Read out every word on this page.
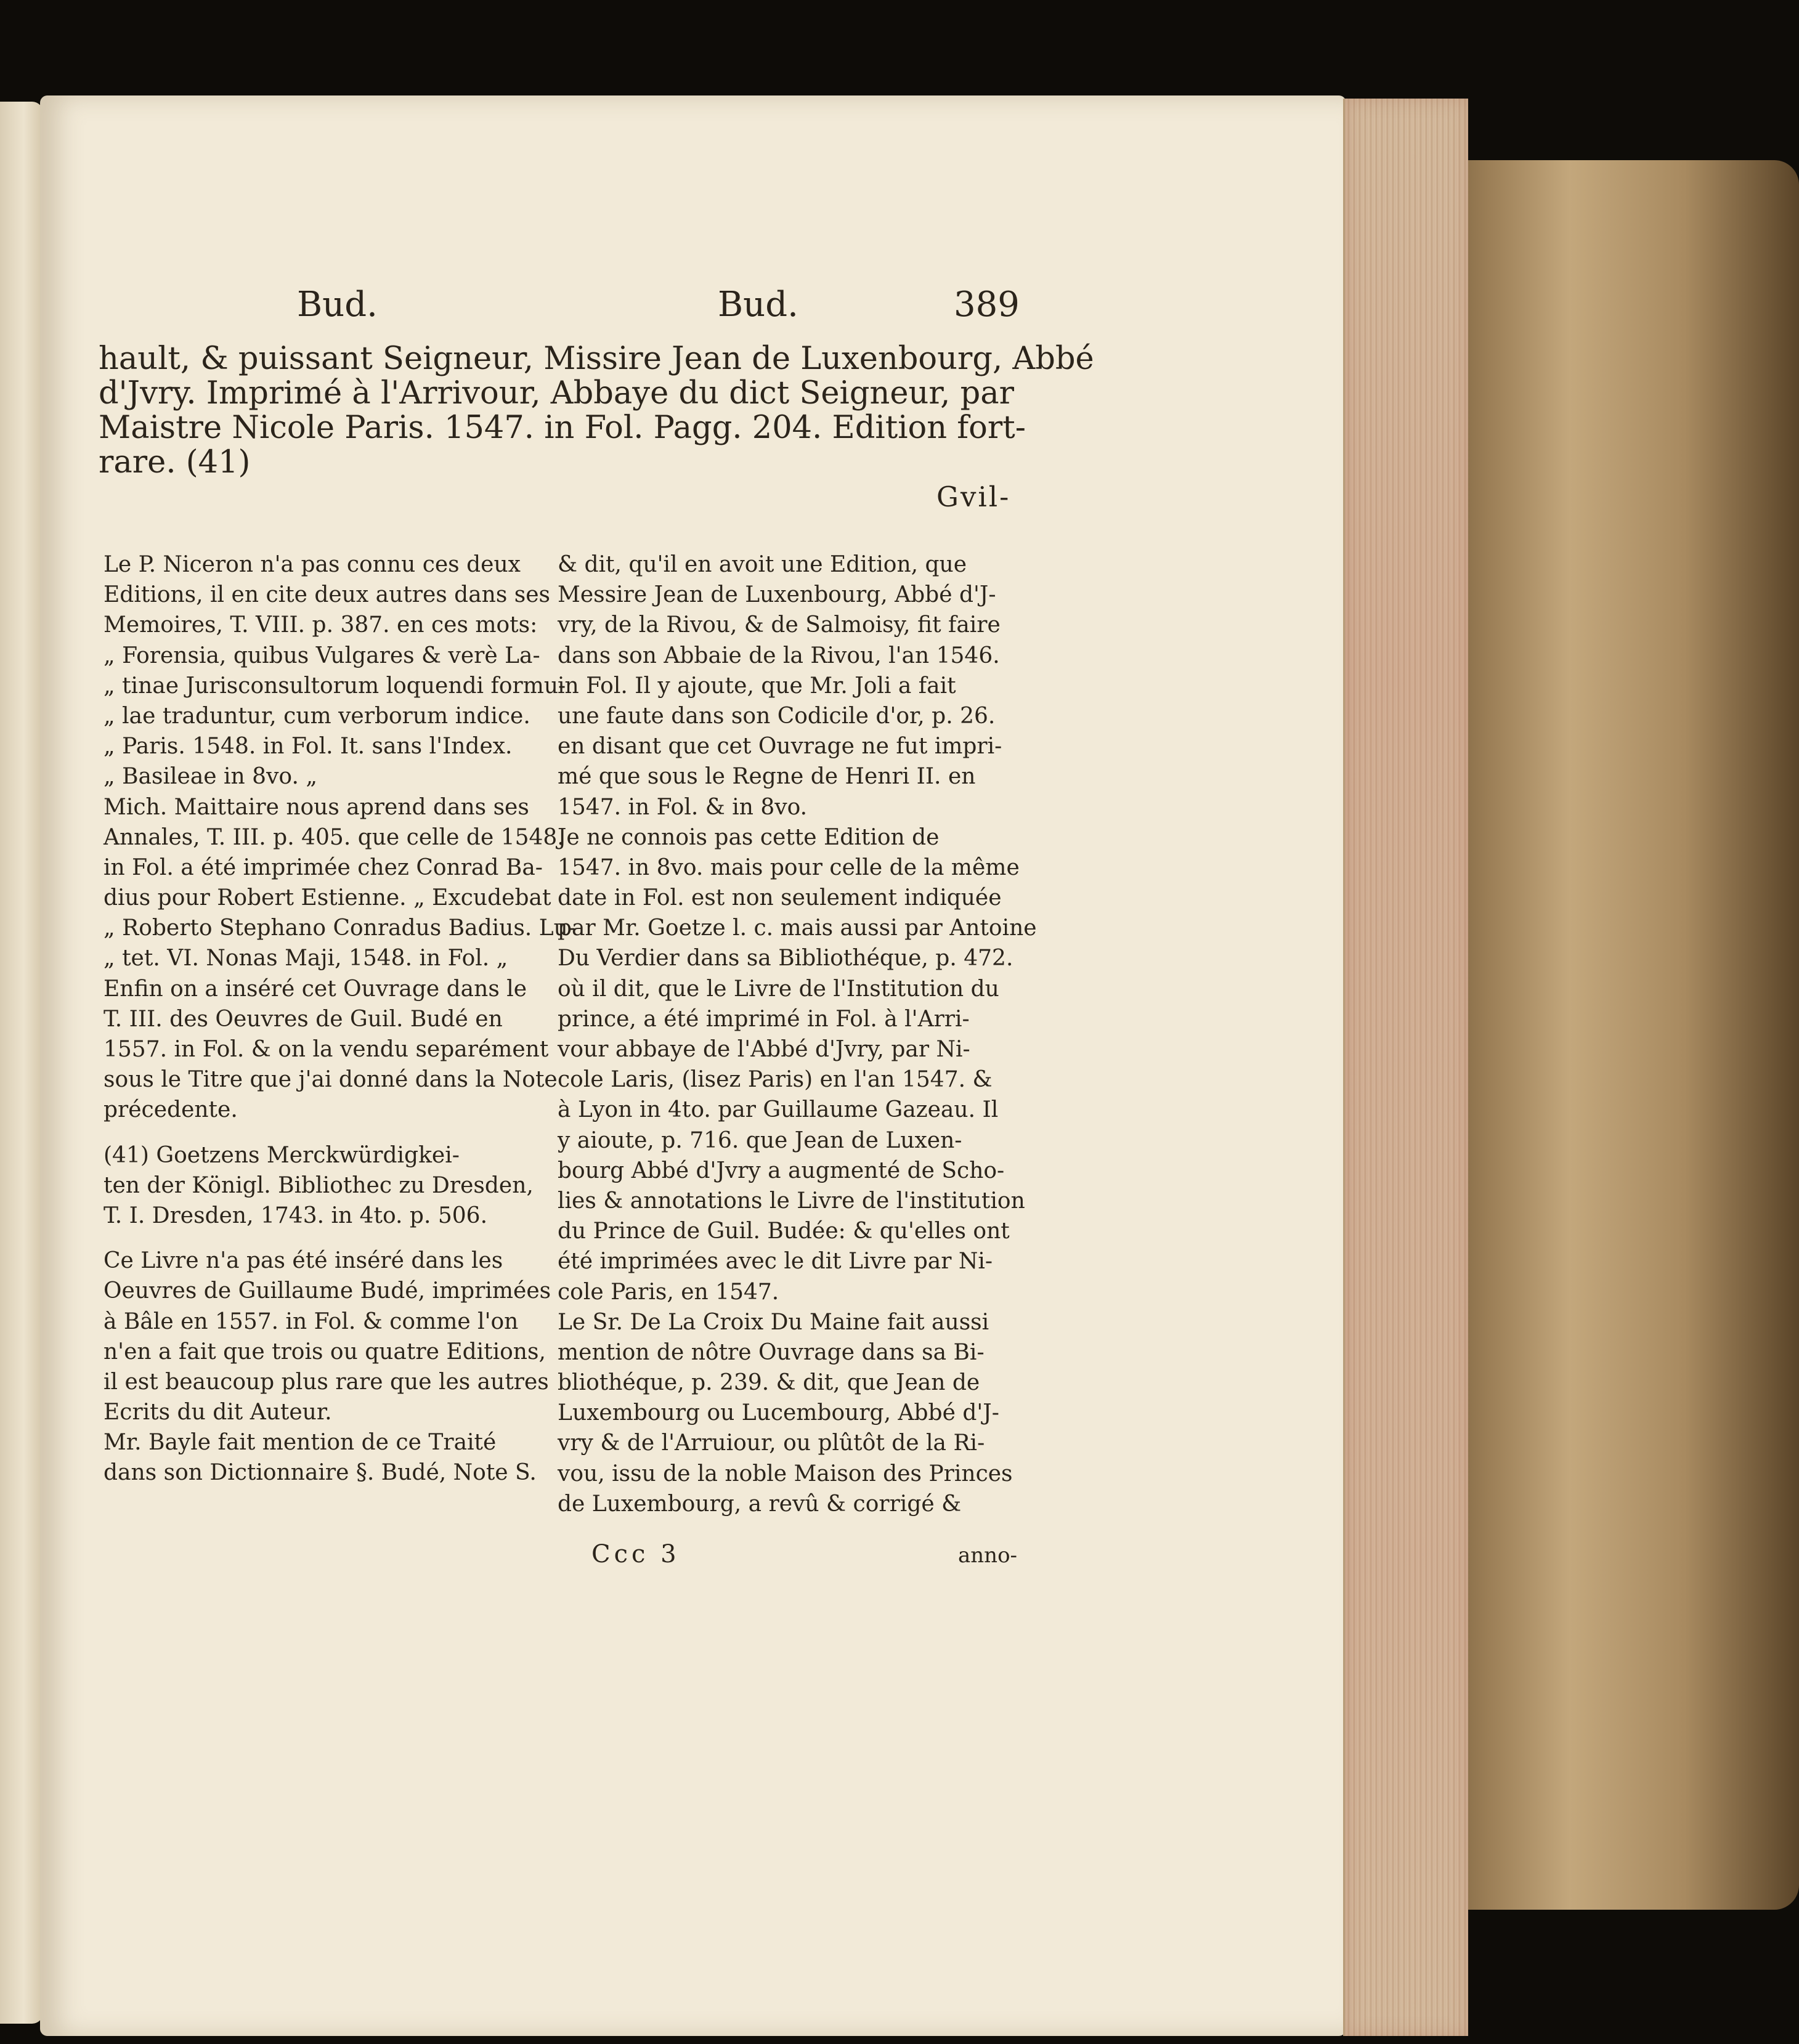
Bud.	Bud.	389
hault, & puissant Seigneur, Missire Jean de Luxenbourg, Abbé
d'Jvry. Imprimé à l'Arrivour, Abbaye du dict Seigneur, par
Maistre Nicole Paris. 1547. in Fol. Pagg. 204. Edition fort-
rare. (41)
Gvil-
Le P. Niceron n'a pas connu ces deux
Editions, il en cite deux autres dans ses
Memoires, T. VIII. p. 387. en ces mots:
„ Forensia, quibus Vulgares & verè La-
„ tinae Jurisconsultorum loquendi formu-
„ lae traduntur, cum verborum indice.
„ Paris. 1548. in Fol. It. sans l'Index.
„ Basileae in 8vo. „
Mich. Maittaire nous aprend dans ses
Annales, T. III. p. 405. que celle de 1548.
in Fol. a été imprimée chez Conrad Ba-
dius pour Robert Estienne. „ Excudebat
„ Roberto Stephano Conradus Badius. Lu-
„ tet. VI. Nonas Maji, 1548. in Fol. „
Enfin on a inséré cet Ouvrage dans le
T. III. des Oeuvres de Guil. Budé en
1557. in Fol. & on la vendu separément
sous le Titre que j'ai donné dans la Note
précedente.
(41) Goetzens Merckwürdigkei-
ten der Königl. Bibliothec zu Dresden,
T. I. Dresden, 1743. in 4to. p. 506.
Ce Livre n'a pas été inséré dans les
Oeuvres de Guillaume Budé, imprimées
à Bâle en 1557. in Fol. & comme l'on
n'en a fait que trois ou quatre Editions,
il est beaucoup plus rare que les autres
Ecrits du dit Auteur.
Mr. Bayle fait mention de ce Traité
dans son Dictionnaire §. Budé, Note S.
& dit, qu'il en avoit une Edition, que
Messire Jean de Luxenbourg, Abbé d'J-
vry, de la Rivou, & de Salmoisy, fit faire
dans son Abbaie de la Rivou, l'an 1546.
in Fol. Il y ajoute, que Mr. Joli a fait
une faute dans son Codicile d'or, p. 26.
en disant que cet Ouvrage ne fut impri-
mé que sous le Regne de Henri II. en
1547. in Fol. & in 8vo.
Je ne connois pas cette Edition de
1547. in 8vo. mais pour celle de la même
date in Fol. est non seulement indiquée
par Mr. Goetze l. c. mais aussi par Antoine
Du Verdier dans sa Bibliothéque, p. 472.
où il dit, que le Livre de l'Institution du
prince, a été imprimé in Fol. à l'Arri-
vour abbaye de l'Abbé d'Jvry, par Ni-
cole Laris, (lisez Paris) en l'an 1547. &
à Lyon in 4to. par Guillaume Gazeau. Il
y aioute, p. 716. que Jean de Luxen-
bourg Abbé d'Jvry a augmenté de Scho-
lies & annotations le Livre de l'institution
du Prince de Guil. Budée: & qu'elles ont
été imprimées avec le dit Livre par Ni-
cole Paris, en 1547.
Le Sr. De La Croix Du Maine fait aussi
mention de nôtre Ouvrage dans sa Bi-
bliothéque, p. 239. & dit, que Jean de
Luxembourg ou Lucembourg, Abbé d'J-
vry & de l'Arruiour, ou plûtôt de la Ri-
vou, issu de la noble Maison des Princes
de Luxembourg, a revû & corrigé &
Ccc 3	anno-
